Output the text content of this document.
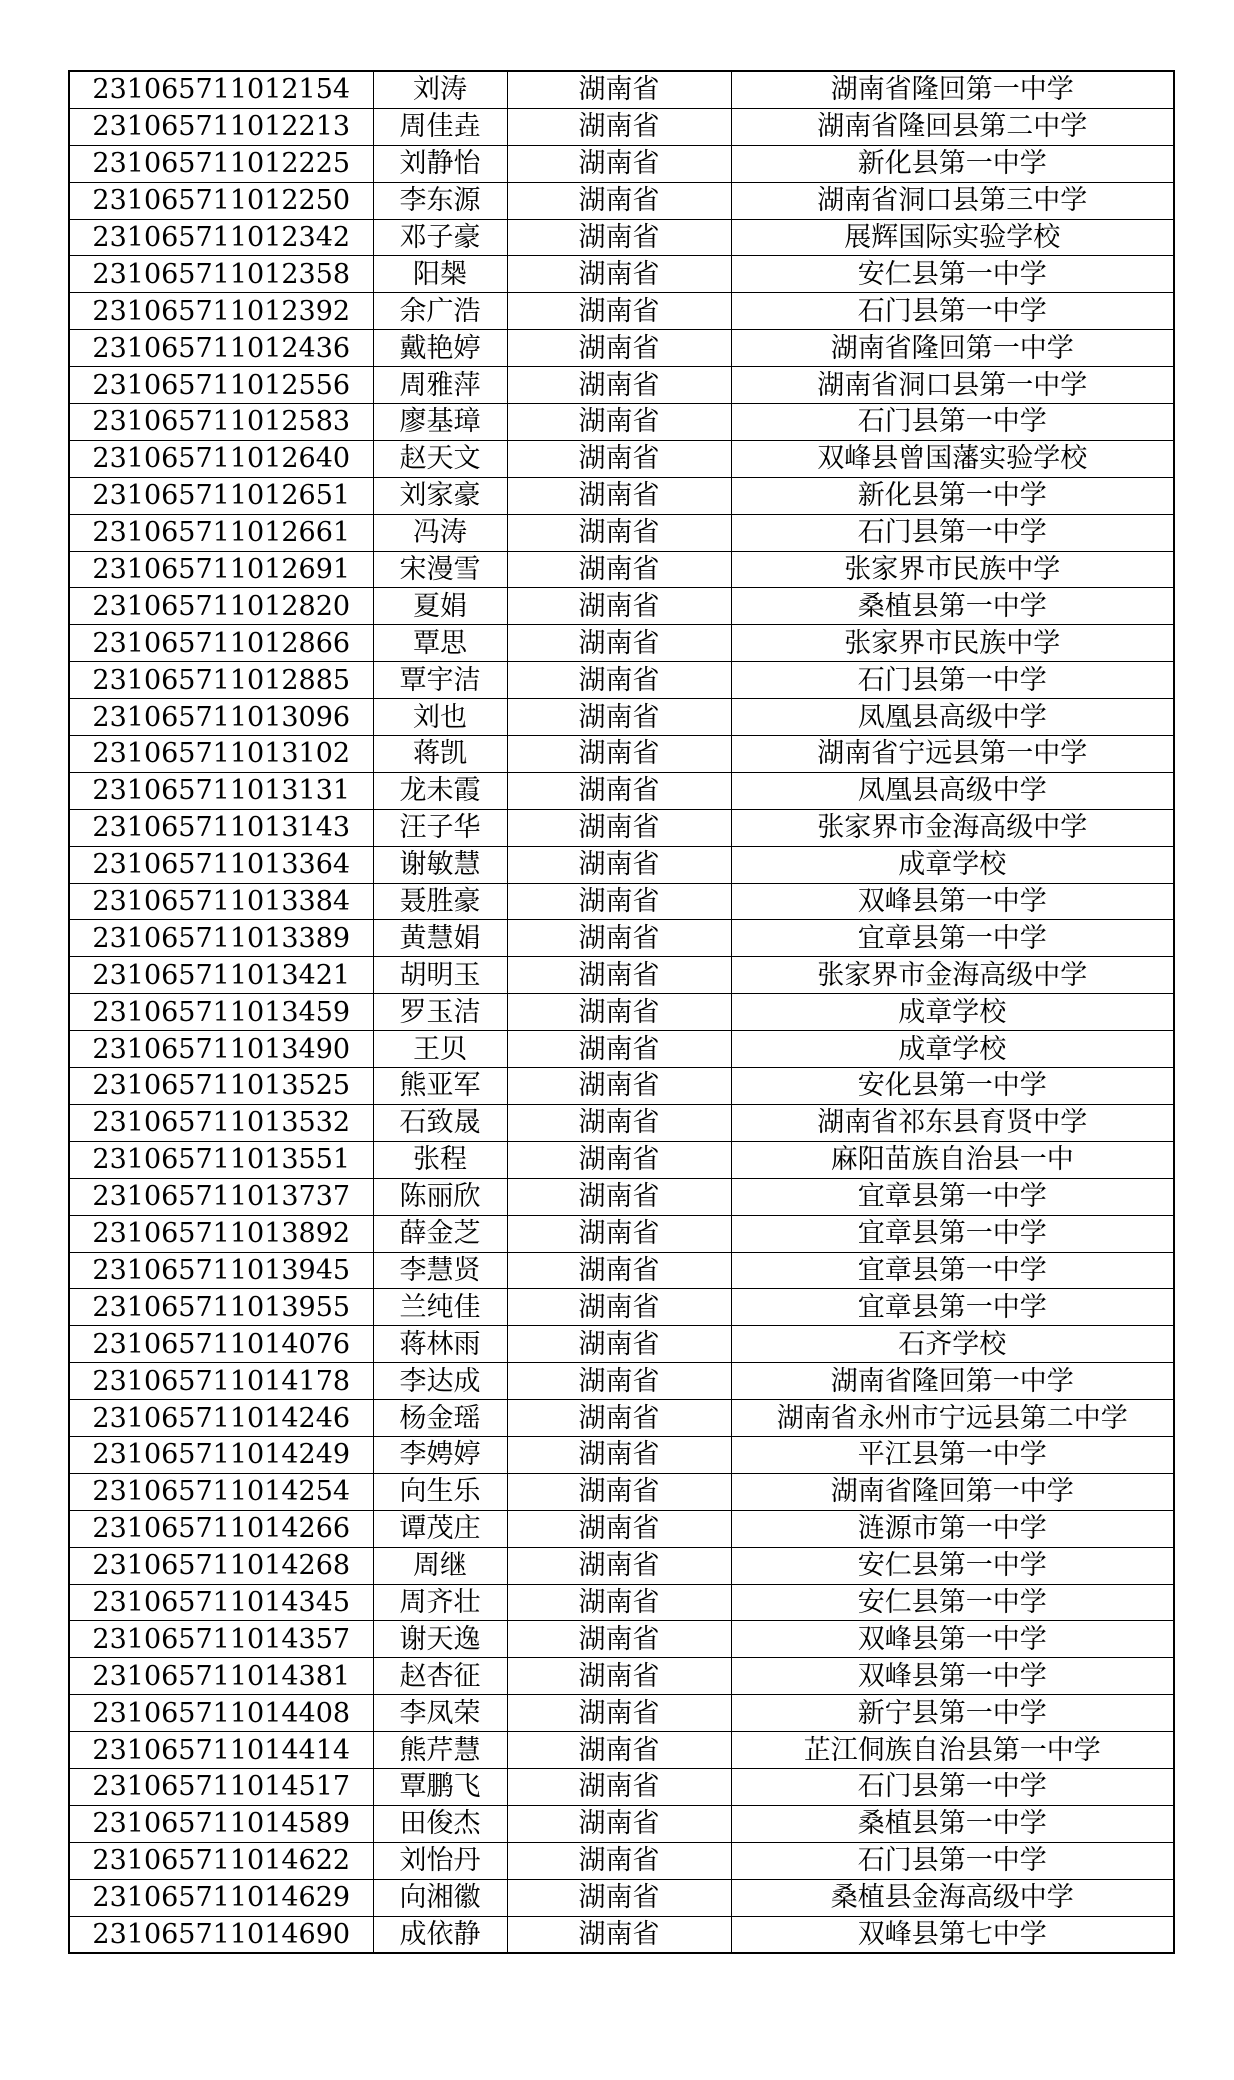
231065711012154	刘涛	湖南省	湖南省隆回第一中学
231065711012213	周佳垚	湖南省	湖南省隆回县第二中学
231065711012225	刘静怡	湖南省	新化县第一中学
231065711012250	李东源	湖南省	湖南省洞口县第三中学
231065711012342	邓子豪	湖南省	展辉国际实验学校
231065711012358	阳椝	湖南省	安仁县第一中学
231065711012392	余广浩	湖南省	石门县第一中学
231065711012436	戴艳婷	湖南省	湖南省隆回第一中学
231065711012556	周雅萍	湖南省	湖南省洞口县第一中学
231065711012583	廖基璋	湖南省	石门县第一中学
231065711012640	赵天文	湖南省	双峰县曾国藩实验学校
231065711012651	刘家豪	湖南省	新化县第一中学
231065711012661	冯涛	湖南省	石门县第一中学
231065711012691	宋漫雪	湖南省	张家界市民族中学
231065711012820	夏娟	湖南省	桑植县第一中学
231065711012866	覃思	湖南省	张家界市民族中学
231065711012885	覃宇洁	湖南省	石门县第一中学
231065711013096	刘也	湖南省	凤凰县高级中学
231065711013102	蒋凯	湖南省	湖南省宁远县第一中学
231065711013131	龙未霞	湖南省	凤凰县高级中学
231065711013143	汪子华	湖南省	张家界市金海高级中学
231065711013364	谢敏慧	湖南省	成章学校
231065711013384	聂胜豪	湖南省	双峰县第一中学
231065711013389	黄慧娟	湖南省	宜章县第一中学
231065711013421	胡明玉	湖南省	张家界市金海高级中学
231065711013459	罗玉洁	湖南省	成章学校
231065711013490	王贝	湖南省	成章学校
231065711013525	熊亚军	湖南省	安化县第一中学
231065711013532	石致晟	湖南省	湖南省祁东县育贤中学
231065711013551	张程	湖南省	麻阳苗族自治县一中
231065711013737	陈丽欣	湖南省	宜章县第一中学
231065711013892	薛金芝	湖南省	宜章县第一中学
231065711013945	李慧贤	湖南省	宜章县第一中学
231065711013955	兰纯佳	湖南省	宜章县第一中学
231065711014076	蒋林雨	湖南省	石齐学校
231065711014178	李达成	湖南省	湖南省隆回第一中学
231065711014246	杨金瑶	湖南省	湖南省永州市宁远县第二中学
231065711014249	李娉婷	湖南省	平江县第一中学
231065711014254	向生乐	湖南省	湖南省隆回第一中学
231065711014266	谭茂庄	湖南省	涟源市第一中学
231065711014268	周继	湖南省	安仁县第一中学
231065711014345	周齐壮	湖南省	安仁县第一中学
231065711014357	谢天逸	湖南省	双峰县第一中学
231065711014381	赵杏征	湖南省	双峰县第一中学
231065711014408	李凤荣	湖南省	新宁县第一中学
231065711014414	熊芹慧	湖南省	芷江侗族自治县第一中学
231065711014517	覃鹏飞	湖南省	石门县第一中学
231065711014589	田俊杰	湖南省	桑植县第一中学
231065711014622	刘怡丹	湖南省	石门县第一中学
231065711014629	向湘徽	湖南省	桑植县金海高级中学
231065711014690	成依静	湖南省	双峰县第七中学
